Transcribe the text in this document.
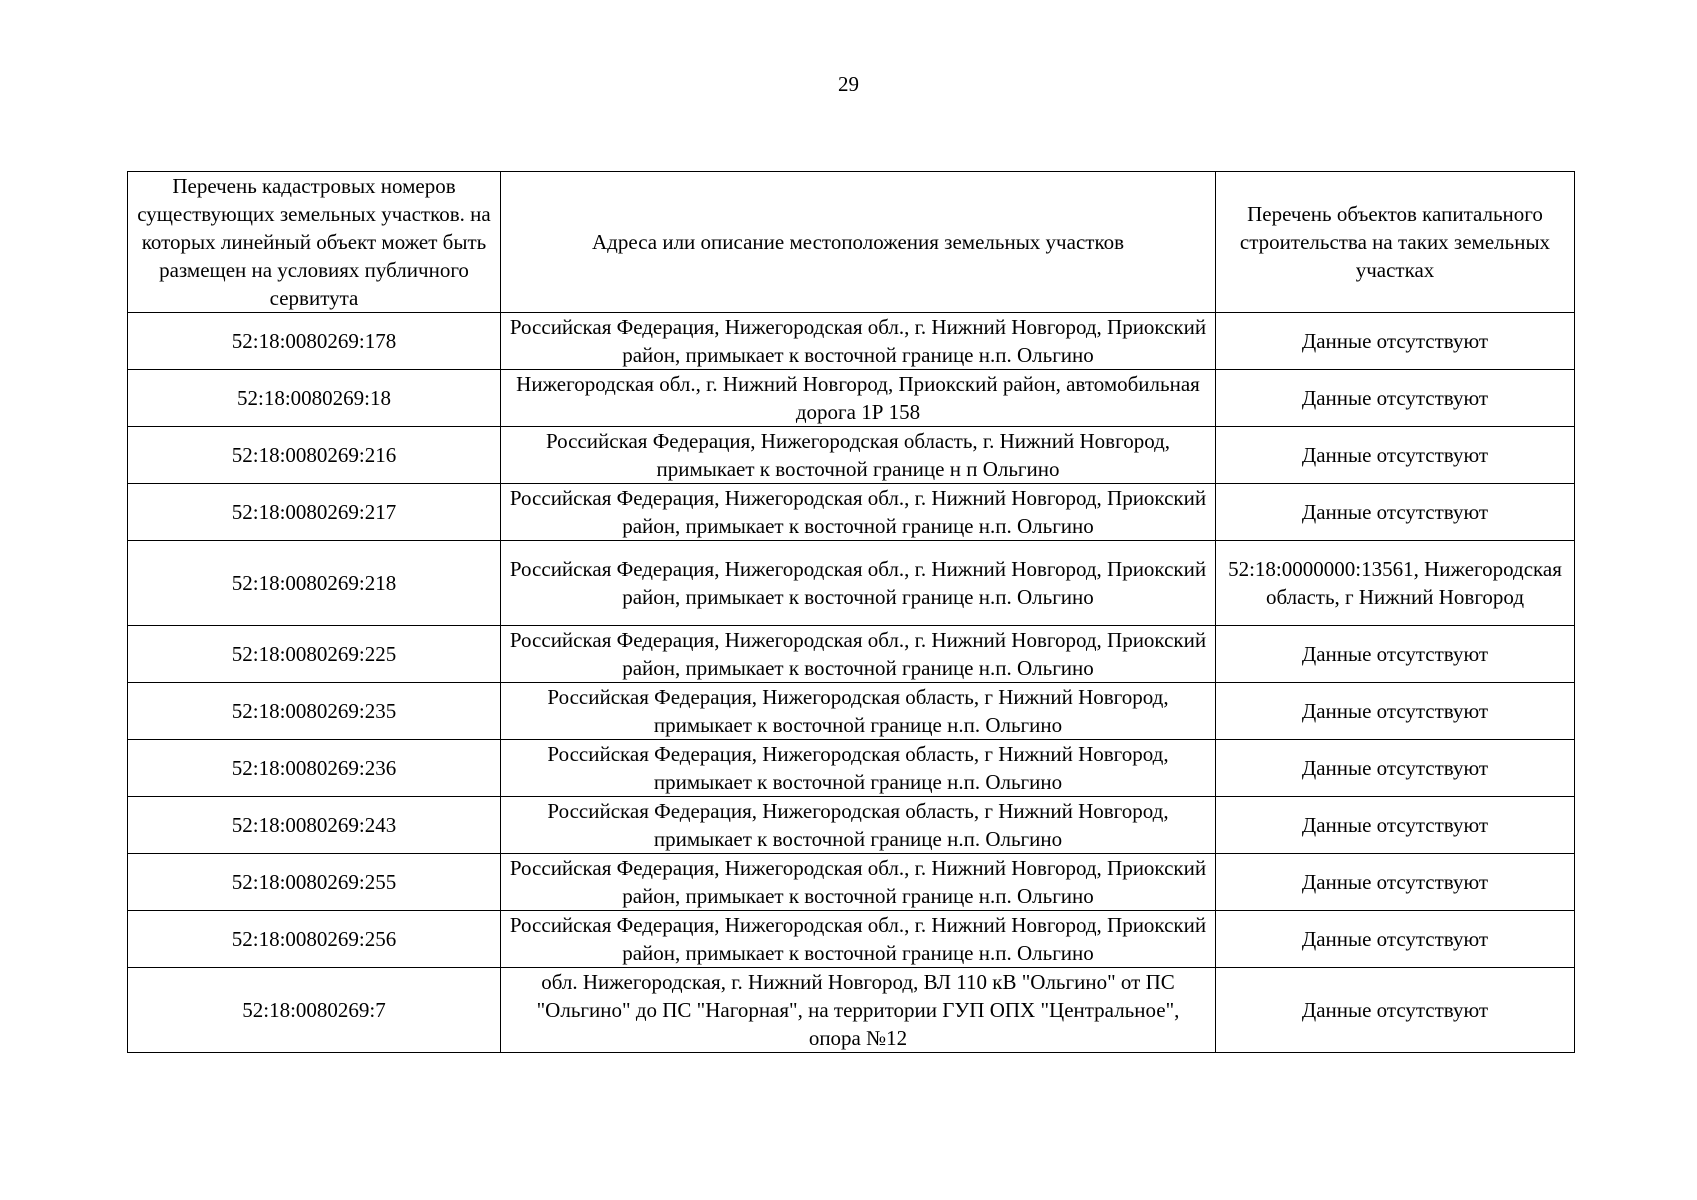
29
Перечень кадастровых номеров существующих земельных участков. на которых линейный объект может быть размещен на условиях публичного сервитута	Адреса или описание местоположения земельных участков	Перечень объектов капитального строительства на таких земельных участках
52:18:0080269:178	Российская Федерация, Нижегородская обл., г. Нижний Новгород, Приокский район, примыкает к восточной границе н.п. Ольгино	Данные отсутствуют
52:18:0080269:18	Нижегородская обл., г. Нижний Новгород, Приокский район, автомобильная дорога 1Р 158	Данные отсутствуют
52:18:0080269:216	Российская Федерация, Нижегородская область, г. Нижний Новгород, примыкает к восточной границе н п Ольгино	Данные отсутствуют
52:18:0080269:217	Российская Федерация, Нижегородская обл., г. Нижний Новгород, Приокский район, примыкает к восточной границе н.п. Ольгино	Данные отсутствуют
52:18:0080269:218	Российская Федерация, Нижегородская обл., г. Нижний Новгород, Приокский район, примыкает к восточной границе н.п. Ольгино	52:18:0000000:13561, Нижегородская область, г Нижний Новгород
52:18:0080269:225	Российская Федерация, Нижегородская обл., г. Нижний Новгород, Приокский район, примыкает к восточной границе н.п. Ольгино	Данные отсутствуют
52:18:0080269:235	Российская Федерация, Нижегородская область, г Нижний Новгород, примыкает к восточной границе н.п. Ольгино	Данные отсутствуют
52:18:0080269:236	Российская Федерация, Нижегородская область, г Нижний Новгород, примыкает к восточной границе н.п. Ольгино	Данные отсутствуют
52:18:0080269:243	Российская Федерация, Нижегородская область, г Нижний Новгород, примыкает к восточной границе н.п. Ольгино	Данные отсутствуют
52:18:0080269:255	Российская Федерация, Нижегородская обл., г. Нижний Новгород, Приокский район, примыкает к восточной границе н.п. Ольгино	Данные отсутствуют
52:18:0080269:256	Российская Федерация, Нижегородская обл., г. Нижний Новгород, Приокский район, примыкает к восточной границе н.п. Ольгино	Данные отсутствуют
52:18:0080269:7	обл. Нижегородская, г. Нижний Новгород, ВЛ 110 кВ "Ольгино" от ПС "Ольгино" до ПС "Нагорная", на территории ГУП ОПХ "Центральное", опора №12	Данные отсутствуют
